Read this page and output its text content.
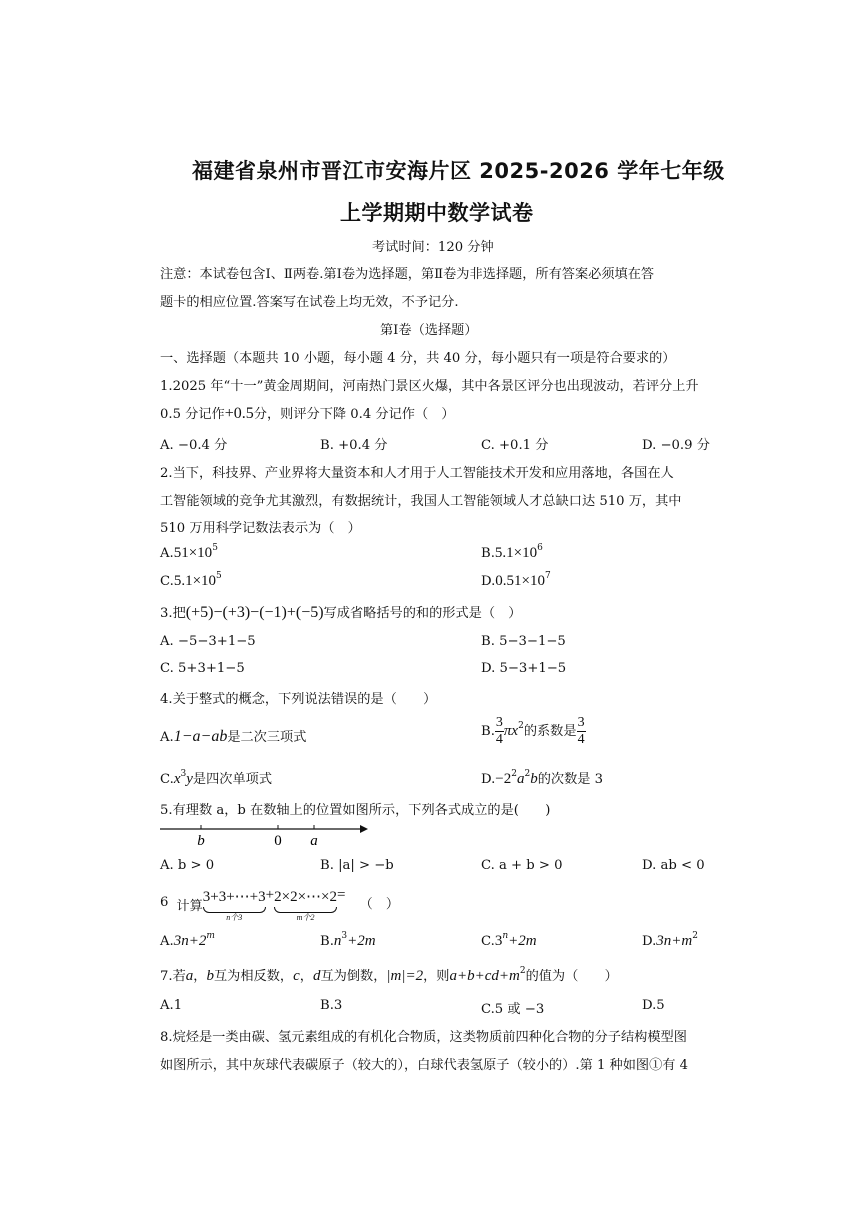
福建省泉州市晋江市安海片区 2025-2026 学年七年级
上学期期中数学试卷
考试时间：120 分钟
注意：本试卷包含Ⅰ、Ⅱ两卷.第Ⅰ卷为选择题，第Ⅱ卷为非选择题，所有答案必须填在答
题卡的相应位置.答案写在试卷上均无效，不予记分.
第Ⅰ卷（选择题）
一、选择题（本题共 10 小题，每小题 4 分，共 40 分，每小题只有一项是符合要求的）
1.2025 年“十一”黄金周期间，河南热门景区火爆，其中各景区评分也出现波动，若评分上升
0.5 分记作+0.5分，则评分下降 0.4 分记作（　）
A. −0.4 分	B. +0.4 分	C. +0.1 分	D. −0.9 分
2.当下，科技界、产业界将大量资本和人才用于人工智能技术开发和应用落地，各国在人
工智能领域的竞争尤其激烈，有数据统计，我国人工智能领域人才总缺口达 510 万，其中
510 万用科学记数法表示为（　）
$A.51\times 10^5$	$B.5.1\times 10^6$
$C.5.1\times 10^5$	$D.0.51\times 10^7$
3.把(+5)−(+3)−(−1)+(−5)写成省略括号的和的形式是（　）
A. −5−3+1−5	B. 5−3−1−5
C. 5+3+1−5	D. 5−3+1−5
4.关于整式的概念，下列说法错误的是（　　）
A.1−a−ab是二次三项式	B. $\frac{3}{4} \pi x^2$的系数是 $\frac{3}{4}$
$C.x^3y$是四次单项式	$D.-2^2a^2b$的次数是 3
5.有理数 a，b 在数轴上的位置如图所示，下列各式成立的是(　　)
b	0 a
A. b > 0	B. |a| > −b	C. a + b > 0	D. ab < 0
6 计算
3+3+⋯+3
n个3
+ 2×2×⋯×2
m个2
=
（　）
$A.3n+2^m$	$B.n^3+2m$	$C.3^n+2m$	$D.3n+m^2$
7.若a，b互为相反数，c，d互为倒数，|m|=2，则$a+b+cd+m^2$的值为（　　）
A.1	B.3	C.5 或 −3	D.5
8.烷烃是一类由碳、氢元素组成的有机化合物质，这类物质前四种化合物的分子结构模型图
如图所示，其中灰球代表碳原子（较大的），白球代表氢原子（较小的）.第 1 种如图①有 4
